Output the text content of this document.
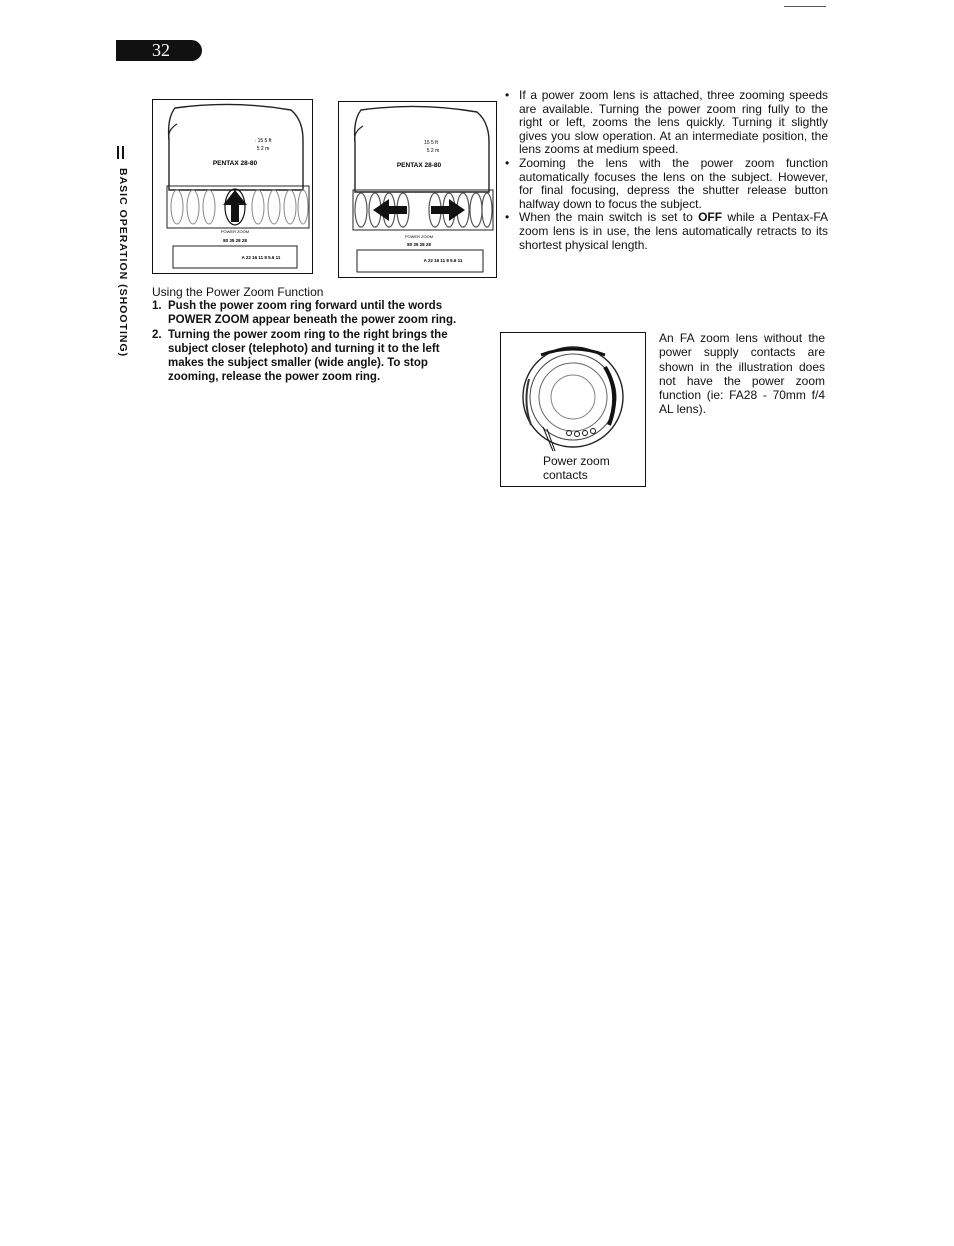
32
BASIC OPERATION (SHOOTING)
· 15 5 ft
5 2 m
PENTAX 28-80
POWER ZOOM
80 35 28 28
A 22 16 11 8 5.6 11
15 5 ft
5 2 m
PENTAX 28-80
POWER ZOOM
80 35 28 28
A 22 16 11 8 5.6 11
Using the Power Zoom Function
1. Push the power zoom ring forward until the words POWER ZOOM appear beneath the power zoom ring.
2. Turning the power zoom ring to the right brings the subject closer (telephoto) and turning it to the left makes the subject smaller (wide angle). To stop zooming, release the power zoom ring.
• If a power zoom lens is attached, three zooming speeds are available. Turning the power zoom ring fully to the right or left, zooms the lens quickly. Turning it slightly gives you slow operation. At an intermediate position, the lens zooms at medium speed.
• Zooming the lens with the power zoom function automatically focuses the lens on the subject. However, for final focusing, depress the shutter release button halfway down to focus the subject.
• When the main switch is set to OFF while a Pentax-FA zoom lens is in use, the lens automatically retracts to its shortest physical length.
Power zoom contacts
An FA zoom lens without the power supply contacts are shown in the illustration does not have the power zoom function (ie: FA28 - 70mm f/4 AL lens).
